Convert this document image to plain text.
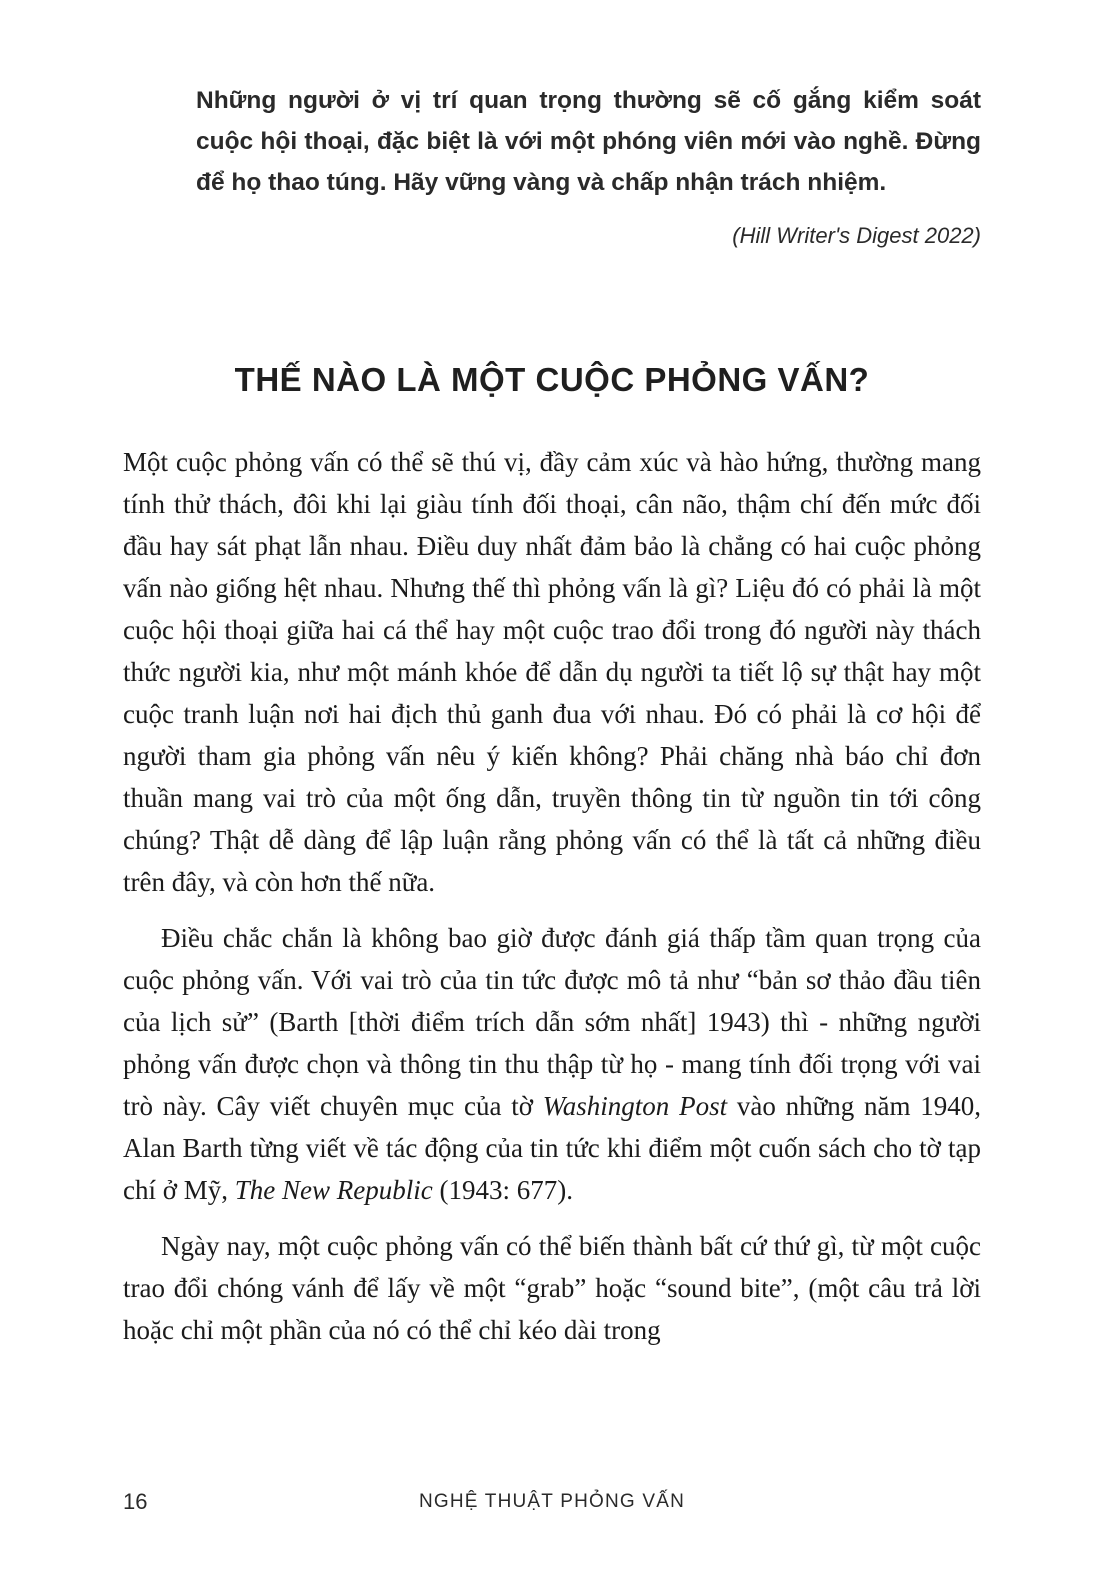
Những người ở vị trí quan trọng thường sẽ cố gắng kiểm soát cuộc hội thoại, đặc biệt là với một phóng viên mới vào nghề. Đừng để họ thao túng. Hãy vững vàng và chấp nhận trách nhiệm.
(Hill Writer's Digest 2022)
THẾ NÀO LÀ MỘT CUỘC PHỎNG VẤN?

Một cuộc phỏng vấn có thể sẽ thú vị, đầy cảm xúc và hào hứng, thường mang tính thử thách, đôi khi lại giàu tính đối thoại, cân não, thậm chí đến mức đối đầu hay sát phạt lẫn nhau. Điều duy nhất đảm bảo là chẳng có hai cuộc phỏng vấn nào giống hệt nhau. Nhưng thế thì phỏng vấn là gì? Liệu đó có phải là một cuộc hội thoại giữa hai cá thể hay một cuộc trao đổi trong đó người này thách thức người kia, như một mánh khóe để dẫn dụ người ta tiết lộ sự thật hay một cuộc tranh luận nơi hai địch thủ ganh đua với nhau. Đó có phải là cơ hội để người tham gia phỏng vấn nêu ý kiến không? Phải chăng nhà báo chỉ đơn thuần mang vai trò của một ống dẫn, truyền thông tin từ nguồn tin tới công chúng? Thật dễ dàng để lập luận rằng phỏng vấn có thể là tất cả những điều trên đây, và còn hơn thế nữa.

Điều chắc chắn là không bao giờ được đánh giá thấp tầm quan trọng của cuộc phỏng vấn. Với vai trò của tin tức được mô tả như “bản sơ thảo đầu tiên của lịch sử” (Barth [thời điểm trích dẫn sớm nhất] 1943) thì - những người phỏng vấn được chọn và thông tin thu thập từ họ - mang tính đối trọng với vai trò này. Cây viết chuyên mục của tờ Washington Post vào những năm 1940, Alan Barth từng viết về tác động của tin tức khi điểm một cuốn sách cho tờ tạp chí ở Mỹ, The New Republic (1943: 677).

Ngày nay, một cuộc phỏng vấn có thể biến thành bất cứ thứ gì, từ một cuộc trao đổi chóng vánh để lấy về một “grab” hoặc “sound bite”, (một câu trả lời hoặc chỉ một phần của nó có thể chỉ kéo dài trong

16	NGHỆ THUẬT PHỎNG VẤN
